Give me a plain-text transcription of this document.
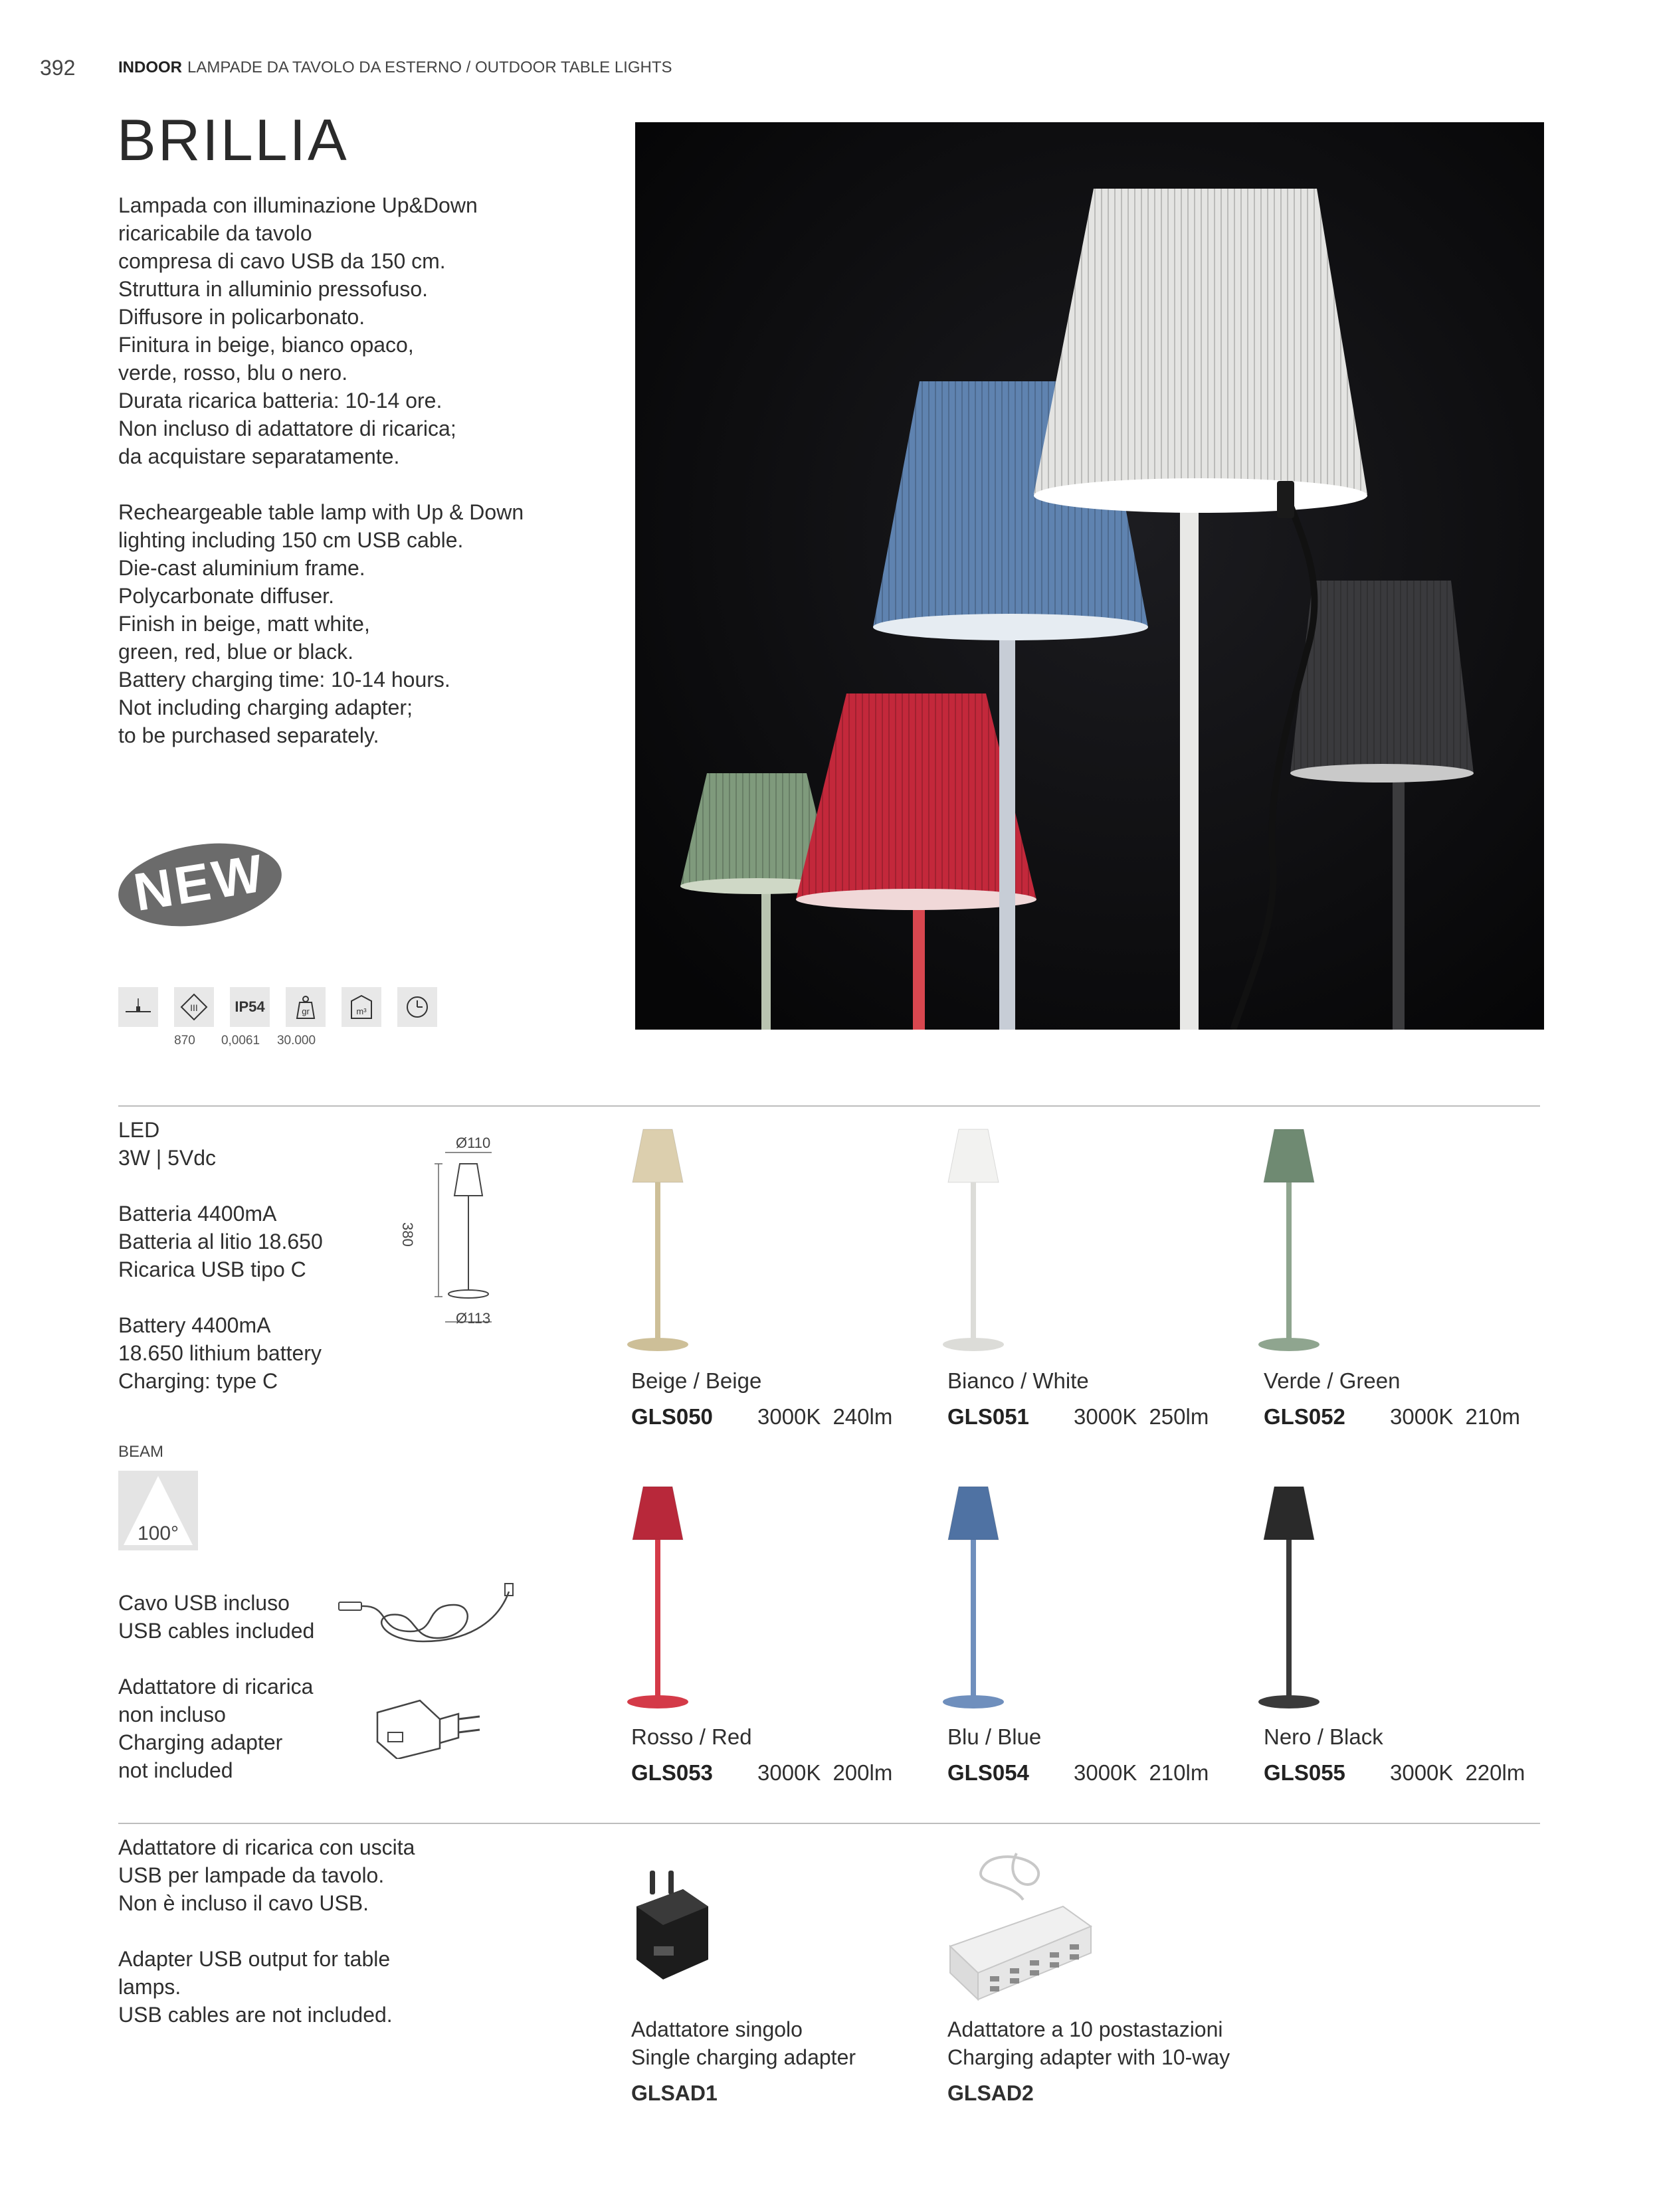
392	INDOOR LAMPADE DA TAVOLO DA ESTERNO / OUTDOOR TABLE LIGHTS
BRILLIA
Lampada con illuminazione Up&Down
ricaricabile da tavolo
compresa di cavo USB da 150 cm.
Struttura in alluminio pressofuso.
Diffusore in policarbonato.
Finitura in beige, bianco opaco,
verde, rosso, blu o nero.
Durata ricarica batteria: 10-14 ore.
Non incluso di adattatore di ricarica;
da acquistare separatamente.
Recheargeable table lamp with Up & Down
lighting including 150 cm USB cable.
Die-cast aluminium frame.
Polycarbonate diffuser.
Finish in beige, matt white,
green, red, blue or black.
Battery charging time: 10-14 hours.
Not including charging adapter;
to be purchased separately.
NEW
III	IP54	gr	m³
870	0,0061	30.000
LED
3W | 5Vdc
Batteria 4400mA
Batteria al litio 18.650
Ricarica USB tipo C
Battery 4400mA
18.650 lithium battery
Charging: type C
Ø110
380
Ø113
BEAM
100°
Cavo USB incluso
USB cables included
Adattatore di ricarica
non incluso
Charging adapter
not included
Beige / Beige
GLS050 3000K 240lm
Bianco / White
GLS051 3000K 250lm
Verde / Green
GLS052 3000K 210m
Rosso / Red
GLS053 3000K 200lm
Blu / Blue
GLS054 3000K 210lm
Nero / Black
GLS055 3000K 220lm
Adattatore di ricarica con uscita
USB per lampade da tavolo.
Non è incluso il cavo USB.
Adapter USB output for table
lamps.
USB cables are not included.
Adattatore singolo
Single charging adapter
GLSAD1
Adattatore a 10 postastazioni
Charging adapter with 10-way
GLSAD2
